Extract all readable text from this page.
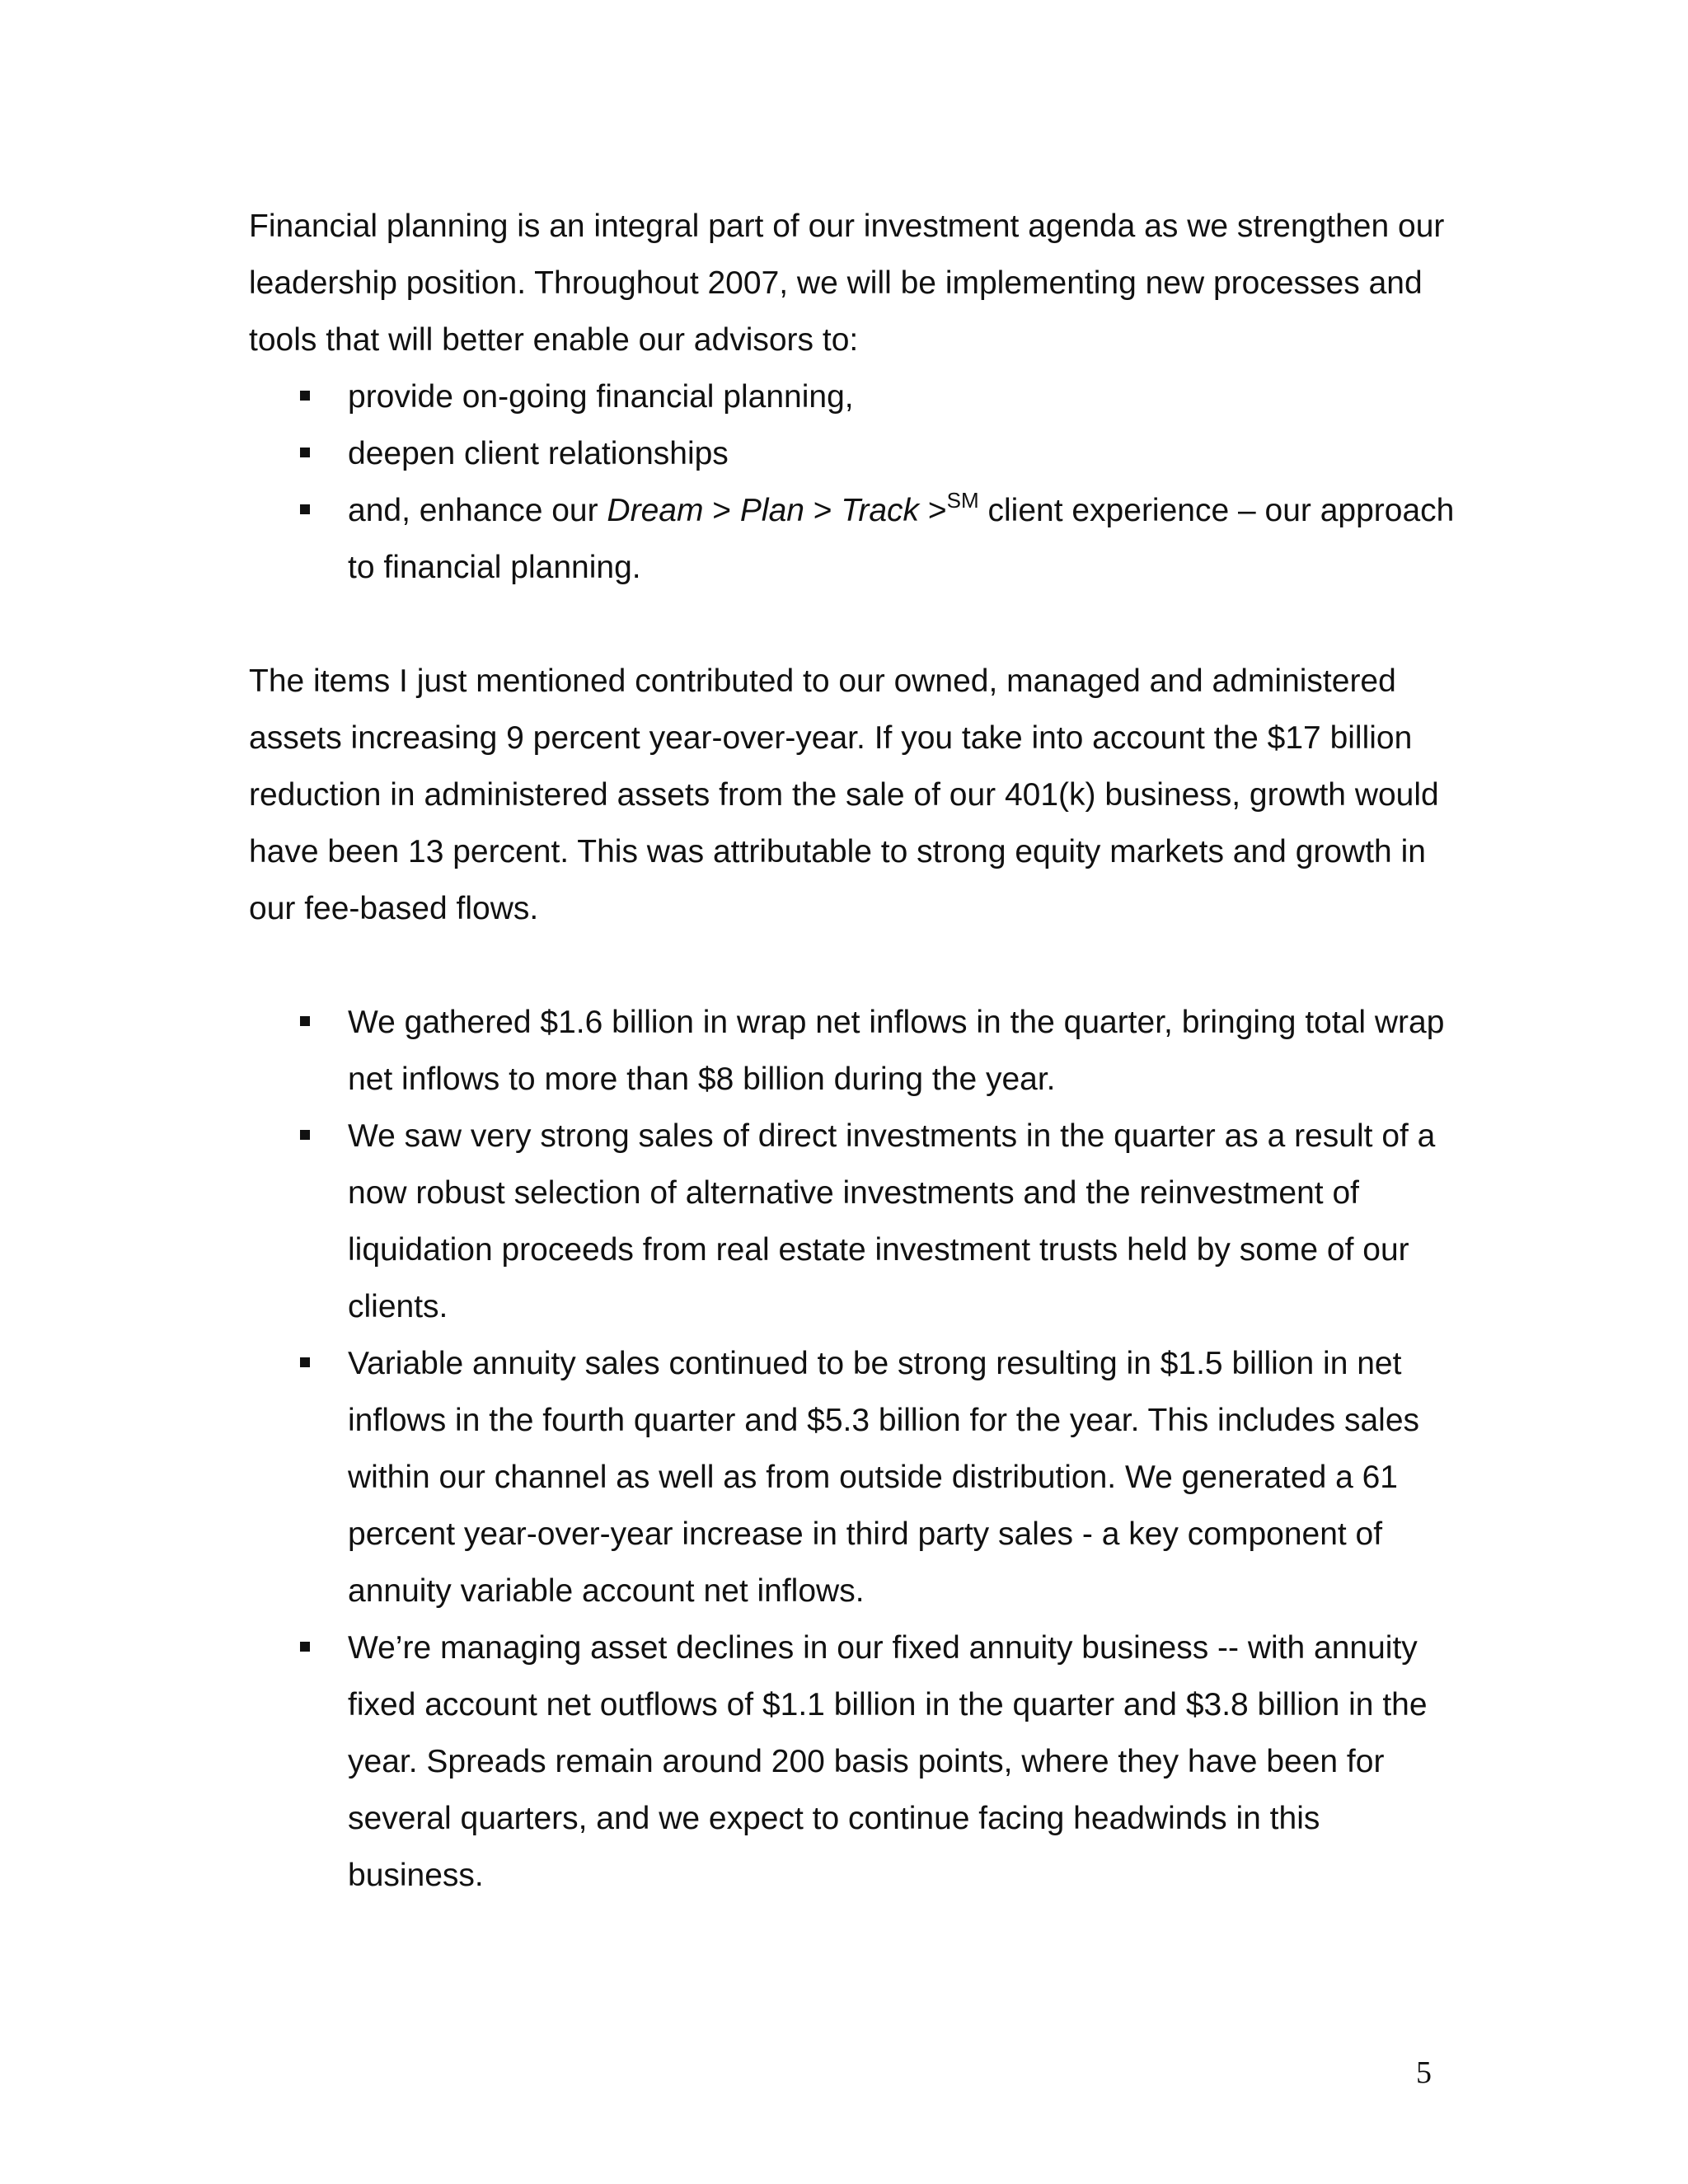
Financial planning is an integral part of our investment agenda as we strengthen our leadership position. Throughout 2007, we will be implementing new processes and tools that will better enable our advisors to:

provide on-going financial planning,
deepen client relationships
and, enhance our Dream > Plan > Track >℠ client experience – our approach to financial planning.

The items I just mentioned contributed to our owned, managed and administered assets increasing 9 percent year-over-year. If you take into account the $17 billion reduction in administered assets from the sale of our 401(k) business, growth would have been 13 percent. This was attributable to strong equity markets and growth in our fee-based flows.

We gathered $1.6 billion in wrap net inflows in the quarter, bringing total wrap net inflows to more than $8 billion during the year.
We saw very strong sales of direct investments in the quarter as a result of a now robust selection of alternative investments and the reinvestment of liquidation proceeds from real estate investment trusts held by some of our clients.
Variable annuity sales continued to be strong resulting in $1.5 billion in net inflows in the fourth quarter and $5.3 billion for the year. This includes sales within our channel as well as from outside distribution. We generated a 61 percent year-over-year increase in third party sales - a key component of annuity variable account net inflows.
We’re managing asset declines in our fixed annuity business -- with annuity fixed account net outflows of $1.1 billion in the quarter and $3.8 billion in the year. Spreads remain around 200 basis points, where they have been for several quarters, and we expect to continue facing headwinds in this business.
5
